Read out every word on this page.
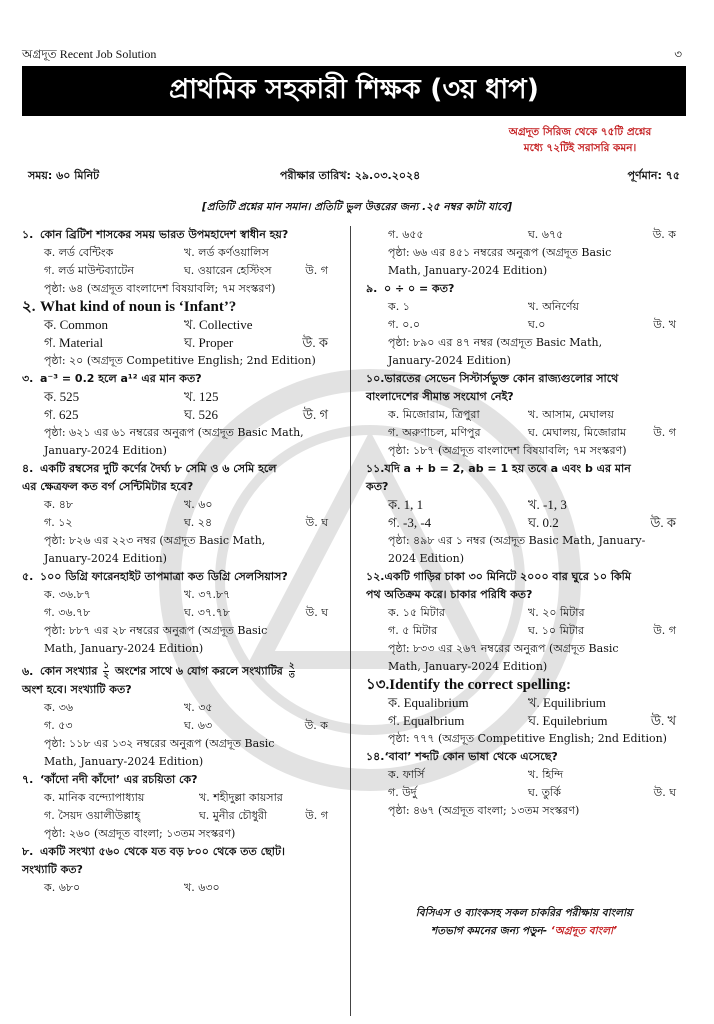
অগ্রদূত Recent Job Solution	৩
প্রাথমিক সহকারী শিক্ষক (৩য় ধাপ)
অগ্রদূত সিরিজ থেকে ৭৫টি প্রশ্নের
মধ্যে ৭২টিই সরাসরি কমন।
সময়: ৬০ মিনিট	পরীক্ষার তারিখ: ২৯.০৩.২০২৪	পূর্ণমান: ৭৫
[প্রতিটি প্রশ্নের মান সমান। প্রতিটি ভুল উত্তরের জন্য .২৫ নম্বর কাটা যাবে]
১. কোন ব্রিটিশ শাসকের সময় ভারত উপমহাদেশ স্বাধীন হয়?
ক. লর্ড বেন্টিংক	খ. লর্ড কর্ণওয়ালিস
গ. লর্ড মাউন্টব্যাটেন	ঘ. ওয়ারেন হেস্টিংস	উ. গ
পৃষ্ঠা: ৬৪ (অগ্রদূত বাংলাদেশ বিষয়াবলি; ৭ম সংস্করণ)
২. What kind of noun is ‘Infant’?
ক. Common	খ. Collective
গ. Material	ঘ. Proper	উ. ক
পৃষ্ঠা: ২০ (অগ্রদূত Competitive English; 2nd Edition)
৩. a⁻³ = 0.2 হলে a¹² এর মান কত?
ক. 525	খ. 125
গ. 625	ঘ. 526	উ. গ
পৃষ্ঠা: ৬২১ এর ৬১ নম্বরের অনুরূপ (অগ্রদূত Basic Math,
January-2024 Edition)
৪. একটি রম্বসের দুটি কর্ণের দৈর্ঘ্য ৮ সেমি ও ৬ সেমি হলে
এর ক্ষেত্রফল কত বর্গ সেন্টিমিটার হবে?
ক. ৪৮	খ. ৬০
গ. ১২	ঘ. ২৪	উ. ঘ
পৃষ্ঠা: ৮২৬ এর ২২৩ নম্বর (অগ্রদূত Basic Math,
January-2024 Edition)
৫. ১০০ ডিগ্রি ফারেনহাইট তাপমাত্রা কত ডিগ্রি সেলসিয়াস?
ক. ৩৬.৮৭	খ. ৩৭.৮৭
গ. ৩৬.৭৮	ঘ. ৩৭.৭৮	উ. ঘ
পৃষ্ঠা: ৮৮৭ এর ২৮ নম্বরের অনুরূপ (অগ্রদূত Basic
Math, January-2024 Edition)
৬. কোন সংখ্যার $\frac{১}{২}$ অংশের সাথে ৬ যোগ করলে সংখ্যাটির $\frac{২}{৩}$
অংশ হবে। সংখ্যাটি কত?
ক. ৩৬	খ. ৩৫
গ. ৫৩	ঘ. ৬৩	উ. ক
পৃষ্ঠা: ১১৮ এর ১৩২ নম্বরের অনুরূপ (অগ্রদূত Basic
Math, January-2024 Edition)
৭. ‘কাঁদো নদী কাঁদো’ এর রচয়িতা কে?
ক. মানিক বন্দ্যোপাধ্যায়	খ. শহীদুল্লা কায়সার
গ. সৈয়দ ওয়ালীউল্লাহ্	ঘ. মুনীর চৌধুরী	উ. গ
পৃষ্ঠা: ২৬০ (অগ্রদূত বাংলা; ১৩তম সংস্করণ)
৮. একটি সংখ্যা ৫৬০ থেকে যত বড় ৮০০ থেকে তত ছোট।
সংখ্যাটি কত?
ক. ৬৮০	খ. ৬৩০
গ. ৬৫৫	ঘ. ৬৭৫	উ. ক
পৃষ্ঠা: ৬৬ এর ৪৫১ নম্বরের অনুরূপ (অগ্রদূত Basic
Math, January-2024 Edition)
৯. ০ ÷ ০ = কত?
ক. ১	খ. অনির্ণেয়
গ. ০.০	ঘ.০	উ. খ
পৃষ্ঠা: ৮৯০ এর ৪৭ নম্বর (অগ্রদূত Basic Math,
January-2024 Edition)
১০.ভারতের সেভেন সিস্টার্সভুক্ত কোন রাজ্যগুলোর সাথে
বাংলাদেশের সীমান্ত সংযোগ নেই?
ক. মিজোরাম, ত্রিপুরা	খ. আসাম, মেঘালয়
গ. অরুণাচল, মণিপুর	ঘ. মেঘালয়, মিজোরাম উ. গ
পৃষ্ঠা: ১৮৭ (অগ্রদূত বাংলাদেশ বিষয়াবলি; ৭ম সংস্করণ)
১১.যদি a + b = 2, ab = 1 হয় তবে a এবং b এর মান
কত?
ক. 1, 1	খ. -1, 3
গ. -3, -4	ঘ. 0.2	উ. ক
পৃষ্ঠা: ৪৯৮ এর ১ নম্বর (অগ্রদূত Basic Math, January-
2024 Edition)
১২.একটি গাড়ির চাকা ৩০ মিনিটে ২০০০ বার ঘুরে ১০ কিমি
পথ অতিক্রম করে। চাকার পরিধি কত?
ক. ১৫ মিটার	খ. ২০ মিটার
গ. ৫ মিটার	ঘ. ১০ মিটার	উ. গ
পৃষ্ঠা: ৮৩৩ এর ২৬৭ নম্বরের অনুরূপ (অগ্রদূত Basic
Math, January-2024 Edition)
১৩.Identify the correct spelling:
ক. Equalibrium	খ. Equilibrium
গ. Equalbrium	ঘ. Equilebrium	উ. খ
পৃষ্ঠা: ৭৭৭ (অগ্রদূত Competitive English; 2nd Edition)
১৪.‘বাবা’ শব্দটি কোন ভাষা থেকে এসেছে?
ক. ফার্সি	খ. হিন্দি
গ. উর্দু	ঘ. তুর্কি	উ. ঘ
পৃষ্ঠা: ৪৬৭ (অগ্রদূত বাংলা; ১৩তম সংস্করণ)
বিসিএস ও ব্যাংকসহ সকল চাকরির পরীক্ষায় বাংলায়
শতভাগ কমনের জন্য পড়ুন- ‘অগ্রদূত বাংলা’
